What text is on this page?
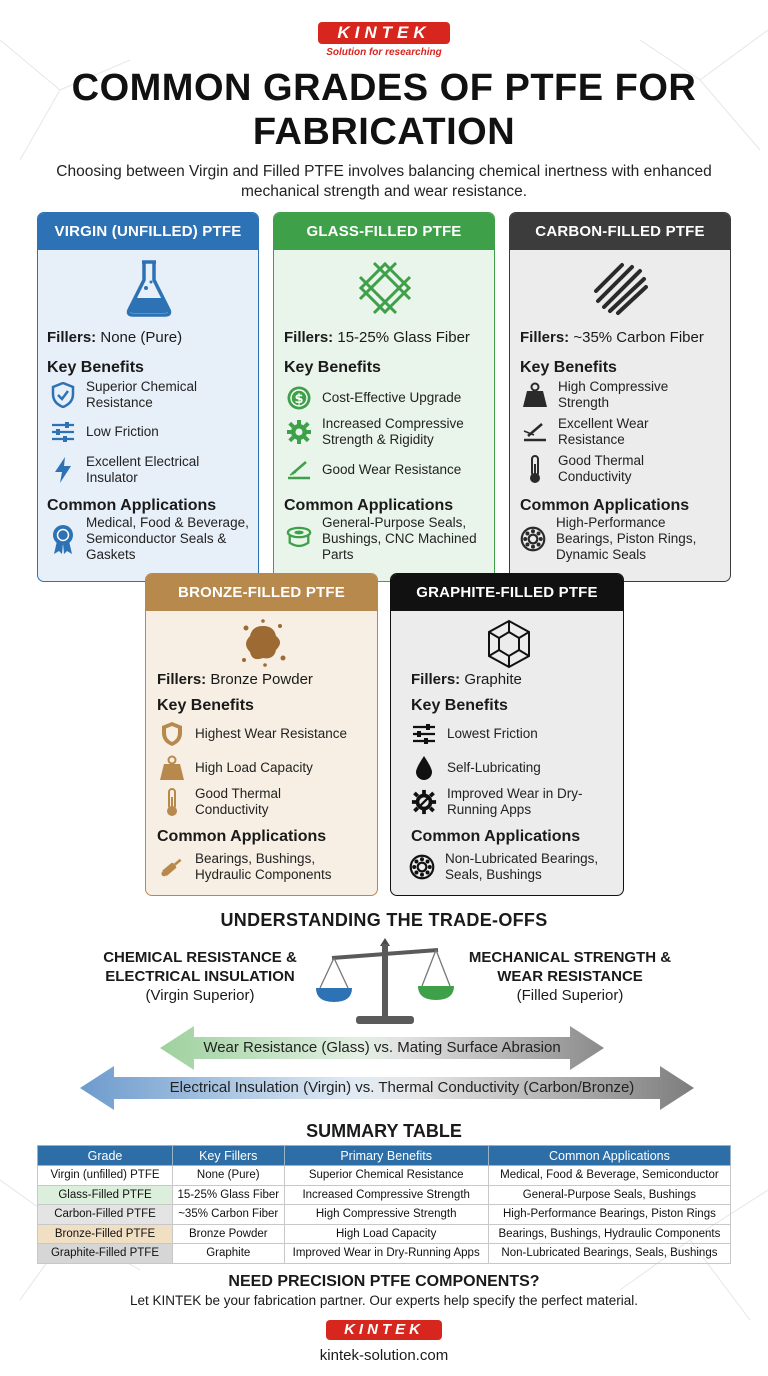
KINTEK
Solution for researching
COMMON GRADES OF PTFE FOR FABRICATION
Choosing between Virgin and Filled PTFE involves balancing chemical inertness with enhanced mechanical strength and wear resistance.
VIRGIN (UNFILLED) PTFE
Fillers: None (Pure)
Key Benefits
Superior Chemical Resistance
Low Friction
Excellent Electrical Insulator
Common Applications
Medical, Food & Beverage, Semiconductor Seals & Gaskets
GLASS-FILLED PTFE
Fillers: 15-25% Glass Fiber
Key Benefits
$ Cost-Effective Upgrade
Increased Compressive Strength & Rigidity
Good Wear Resistance
Common Applications
General-Purpose Seals, Bushings, CNC Machined Parts
CARBON-FILLED PTFE
Fillers: ~35% Carbon Fiber
Key Benefits
High Compressive Strength
Excellent Wear Resistance
Good Thermal Conductivity
Common Applications
High-Performance Bearings, Piston Rings, Dynamic Seals
BRONZE-FILLED PTFE
Fillers: Bronze Powder
Key Benefits
Highest Wear Resistance
High Load Capacity
Good Thermal Conductivity
Common Applications
Bearings, Bushings, Hydraulic Components
GRAPHITE-FILLED PTFE
Fillers: Graphite
Key Benefits
Lowest Friction
Self-Lubricating
Improved Wear in Dry-Running Apps
Common Applications
Non-Lubricated Bearings, Seals, Bushings
UNDERSTANDING THE TRADE-OFFS
CHEMICAL RESISTANCE & ELECTRICAL INSULATION
(Virgin Superior)
MECHANICAL STRENGTH & WEAR RESISTANCE
(Filled Superior)
Wear Resistance (Glass) vs. Mating Surface Abrasion
Electrical Insulation (Virgin) vs. Thermal Conductivity (Carbon/Bronze)
SUMMARY TABLE
Grade	Key Fillers	Primary Benefits	Common Applications
Virgin (unfilled) PTFE	None (Pure)	Superior Chemical Resistance	Medical, Food & Beverage, Semiconductor
Glass-Filled PTFE	15-25% Glass Fiber	Increased Compressive Strength	General-Purpose Seals, Bushings
Carbon-Filled PTFE	~35% Carbon Fiber	High Compressive Strength	High-Performance Bearings, Piston Rings
Bronze-Filled PTFE	Bronze Powder	High Load Capacity	Bearings, Bushings, Hydraulic Components
Graphite-Filled PTFE	Graphite	Improved Wear in Dry-Running Apps	Non-Lubricated Bearings, Seals, Bushings
NEED PRECISION PTFE COMPONENTS?
Let KINTEK be your fabrication partner. Our experts help specify the perfect material.
KINTEK
kintek-solution.com
